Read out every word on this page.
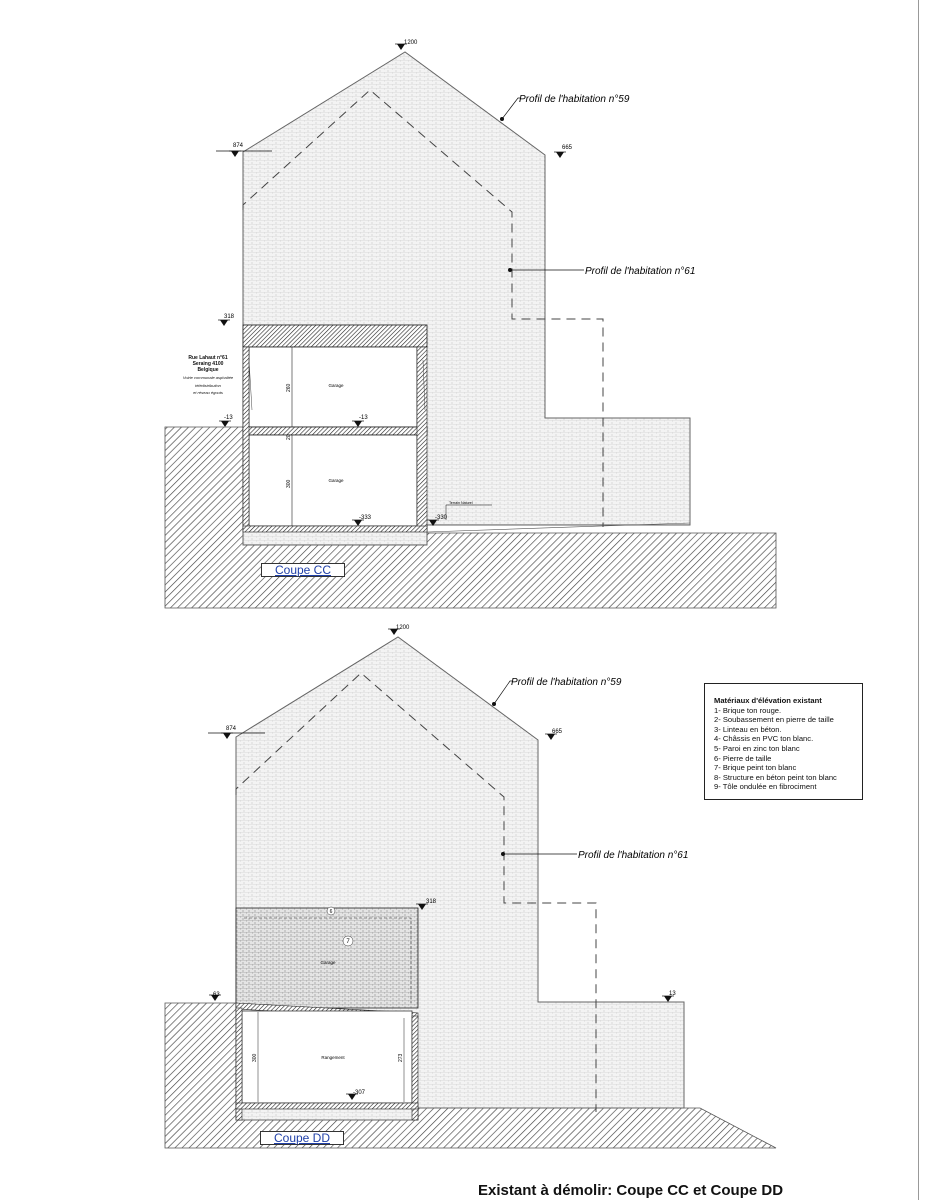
1200
874	665
318
-13	-13
-333	-330
260
20
300
Garage
Garage
Terrain Naturel
Profil de l'habitation n°59
Profil de l'habitation n°61
6
7
1200
874	665
318
63	13
-307
300	273
Garage
Rangement
Profil de l'habitation n°59
Profil de l'habitation n°61
Rue Lahaut n°61
Seraing 4100
Belgique
Voirie communale asphaltée
télédistribution
et réseau égouts
Coupe CC
Coupe DD
Matériaux d'élévation existant
1- Brique ton rouge.
2- Soubassement en pierre de taille
3- Linteau en béton.
4- Châssis en PVC ton blanc.
5- Paroi en zinc ton blanc
6- Pierre de taille
7- Brique peint ton blanc
8- Structure en béton peint ton blanc
9- Tôle ondulée en fibrociment
Existant à démolir: Coupe CC et Coupe DD
